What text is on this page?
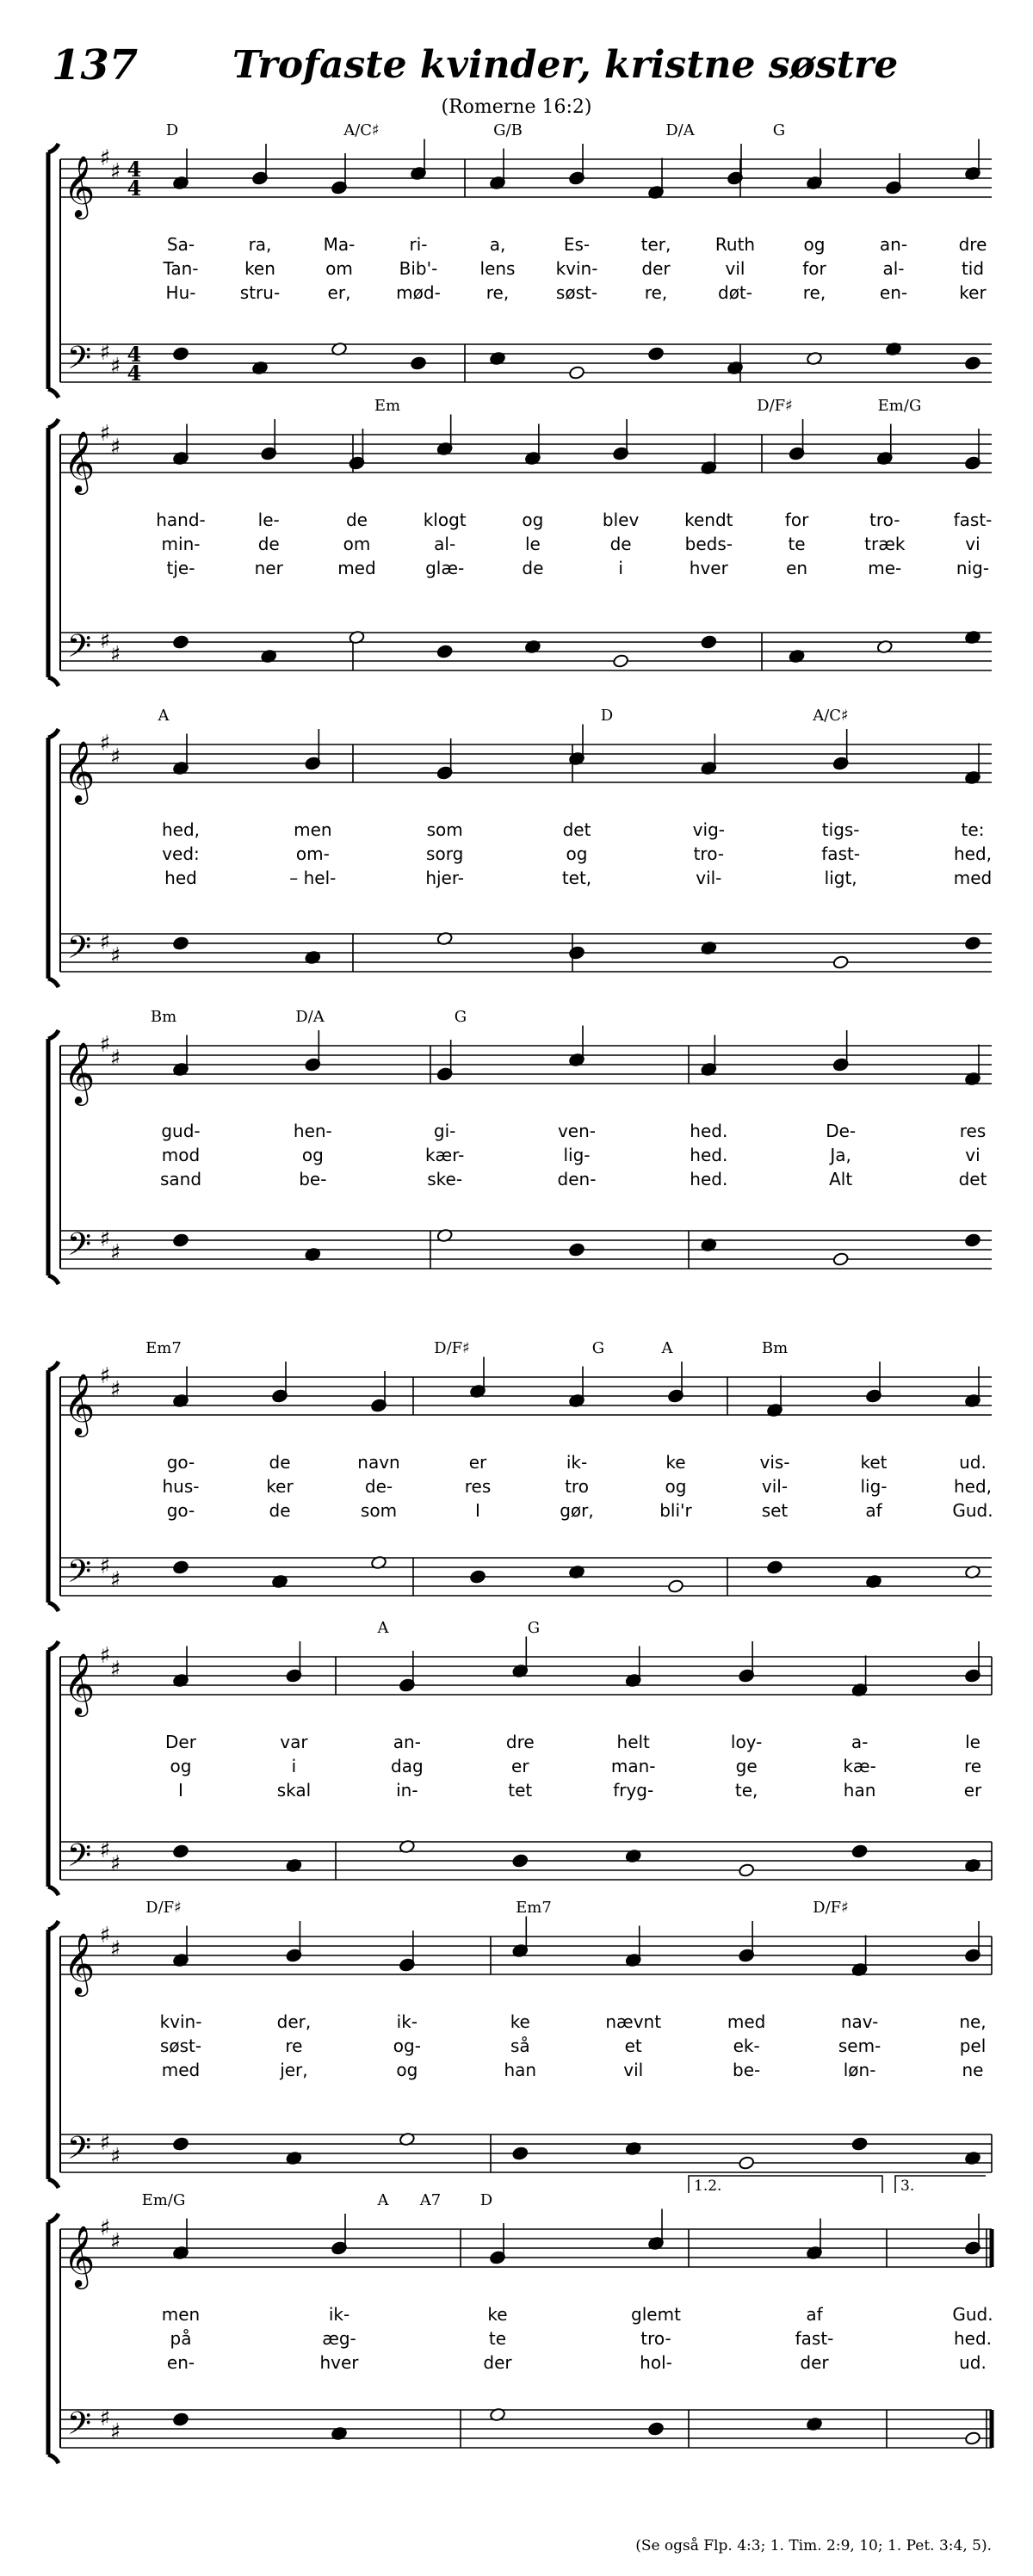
137 Trofaste kvinder, kristne søstre
(Romerne 16:2)
𝄞
𝄢
♯
♯
♯
♯
4
4
4
4
D	A/C♯	G/B	D/A	G
Sa-	ra,	Ma-	ri-	a,	Es-	ter,	Ruth	og	an-	dre
Tan-	ken	om	Bib'- lens kvin-	der	vil	for	al-	tid
Hu-	stru-	er,	mød-	re,	søst-	re,	døt-	re,	en-	ker
𝄞
𝄢
♯
♯
♯
♯
Em	D/F♯	Em/G
hand-	le-	de	klogt	og	blev	kendt	for	tro-	fast-
min-	de	om	al-	le	de	beds-	te	træk	vi
tje-	ner	med	glæ-	de	i	hver	en	me-	nig-
𝄞
𝄢
♯
♯
♯
♯
A	D	A/C♯
hed,	men	som	det	vig-	tigs-	te:
ved:	om-	sorg	og	tro-	fast-	hed,
hed	– hel-	hjer-	tet,	vil-	ligt,	med
𝄞
𝄢
♯
♯
♯
♯
Bm	D/A	G
gud-	hen-	gi-	ven-	hed.	De-	res
mod	og	kær-	lig-	hed.	Ja,	vi
sand	be-	ske-	den-	hed.	Alt	det
𝄞
𝄢
♯
♯
♯
♯
Em7	D/F♯	G	A	Bm
go-	de	navn	er	ik-	ke	vis-	ket	ud.
hus-	ker	de-	res	tro	og	vil-	lig-	hed,
go-	de	som	I	gør,	bli'r	set	af	Gud.
𝄞
𝄢
♯
♯
♯
♯
A	G
Der	var	an-	dre	helt	loy-	a-	le
og	i	dag	er	man-	ge	kæ-	re
I	skal	in-	tet	fryg-	te,	han	er
𝄞
𝄢
♯
♯
♯
♯
D/F♯	Em7	D/F♯
kvin-	der,	ik-	ke	nævnt	med	nav-	ne,
søst-	re	og-	så	et	ek-	sem-	pel
med	jer,	og	han	vil	be-	løn-	ne
𝄞
𝄢
♯
♯
♯
♯
1.2.	3.
Em/G	A A7	D
men	ik-	ke	glemt	af	Gud.
på	æg-	te	tro-	fast-	hed.
en-	hver	der	hol-	der	ud.
(Se også Flp. 4:3; 1. Tim. 2:9, 10; 1. Pet. 3:4, 5).
